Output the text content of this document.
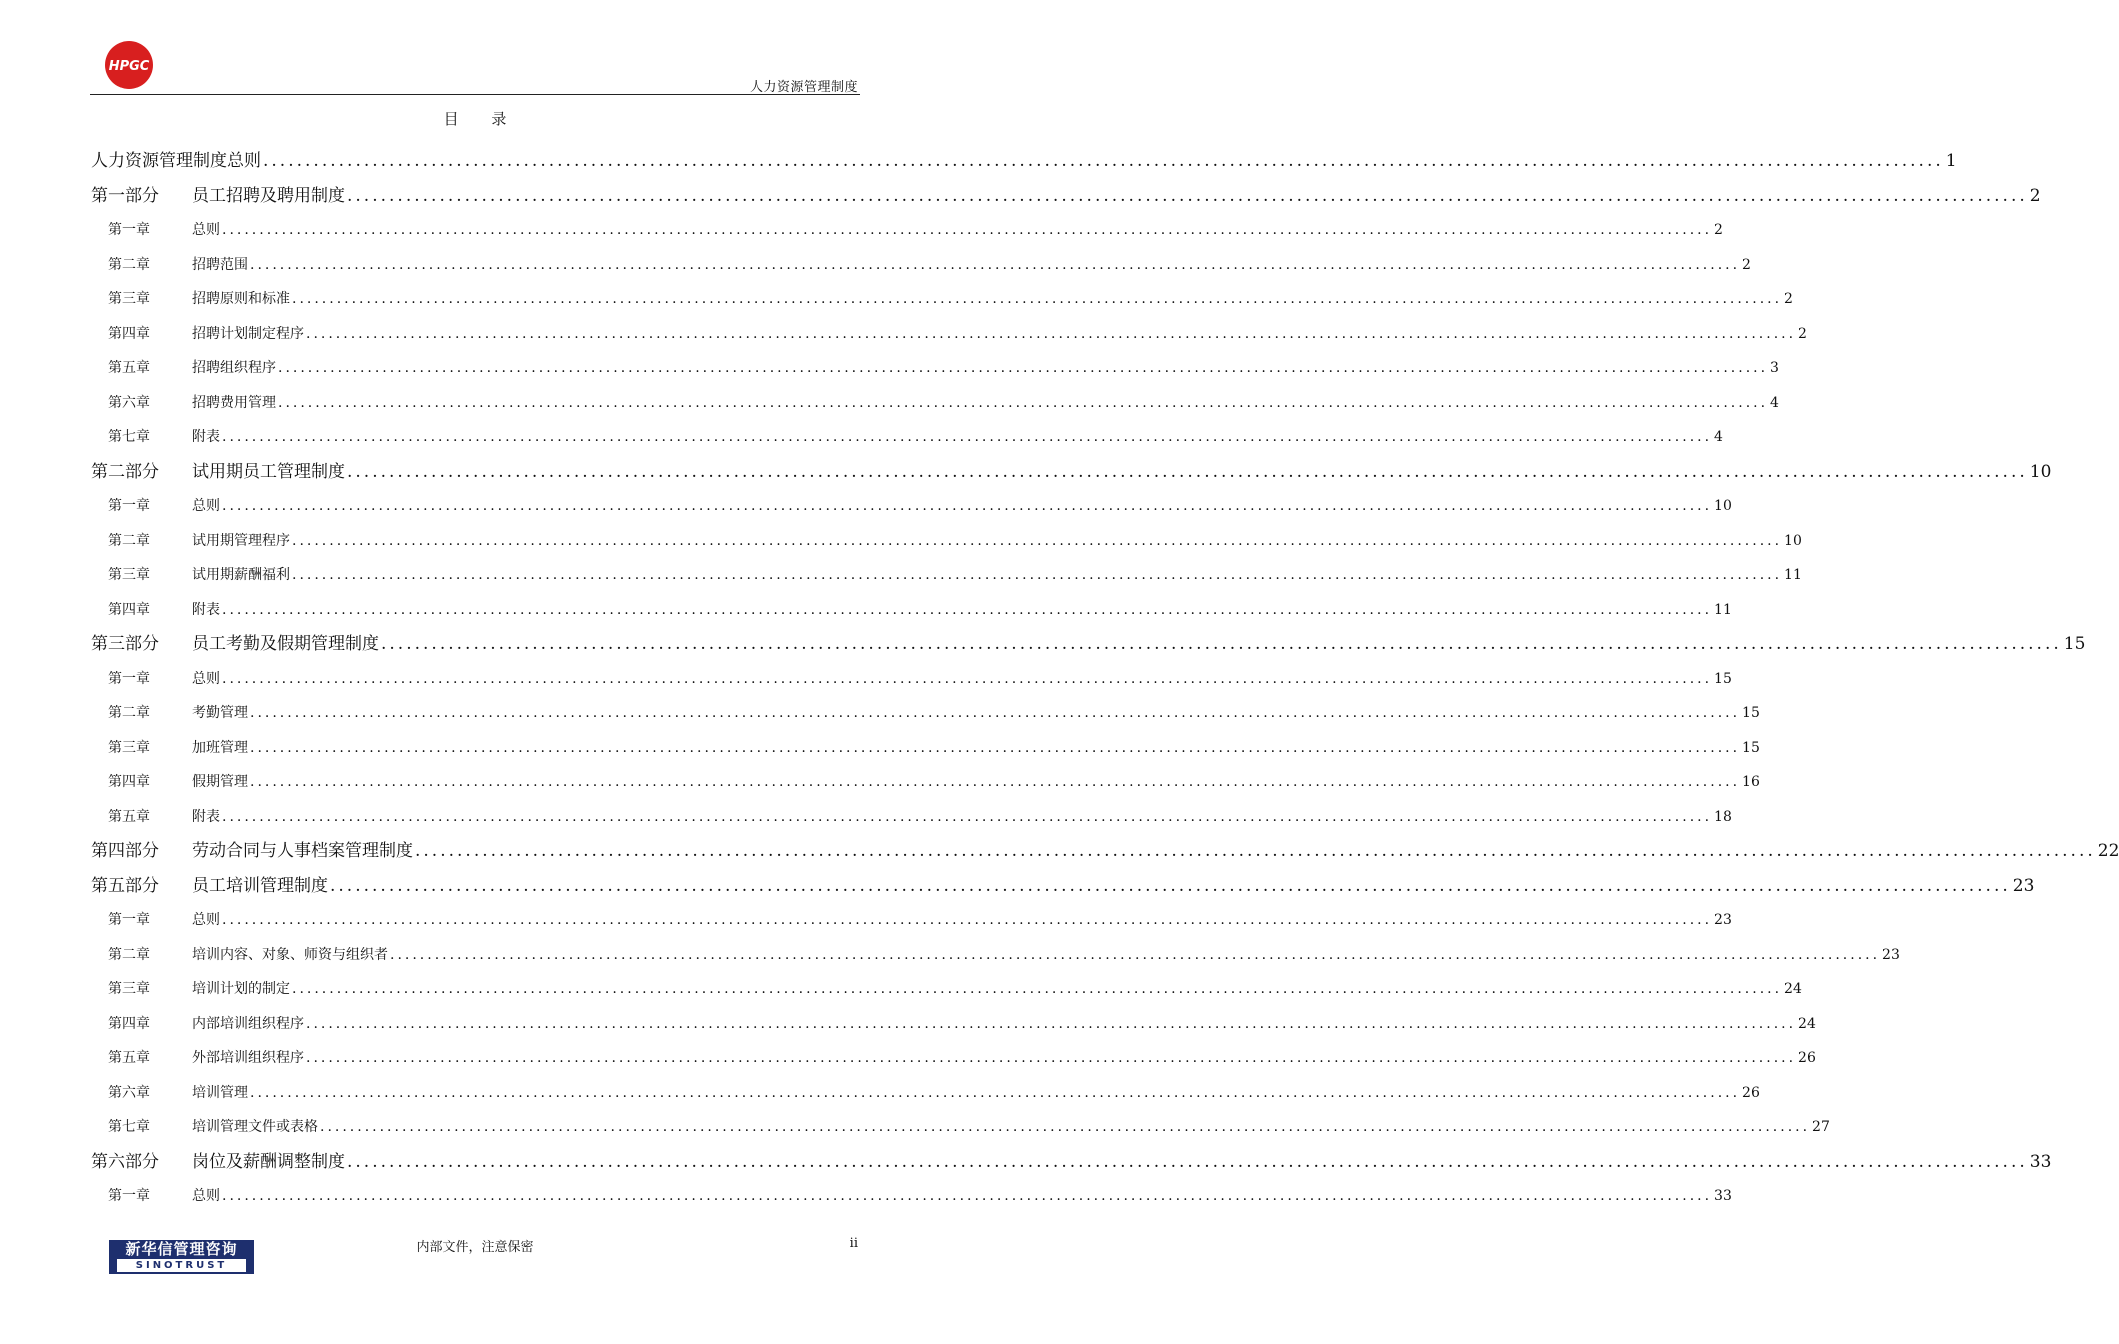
HPGC
人力资源管理制度
目 录
人力资源管理制度总则 ........................................................................................................................................................................................................ 1
第一部分	员工招聘及聘用制度 ........................................................................................................................................................................................................ 2
第一章	总则 ........................................................................................................................................................................................................ 2
第二章	招聘范围 ........................................................................................................................................................................................................ 2
第三章	招聘原则和标准 ........................................................................................................................................................................................................ 2
第四章	招聘计划制定程序 ........................................................................................................................................................................................................ 2
第五章	招聘组织程序 ........................................................................................................................................................................................................ 3
第六章	招聘费用管理 ........................................................................................................................................................................................................ 4
第七章	附表 ........................................................................................................................................................................................................ 4
第二部分	试用期员工管理制度 ........................................................................................................................................................................................................ 10
第一章	总则 ........................................................................................................................................................................................................ 10
第二章	试用期管理程序 ........................................................................................................................................................................................................ 10
第三章	试用期薪酬福利 ........................................................................................................................................................................................................ 11
第四章	附表 ........................................................................................................................................................................................................ 11
第三部分	员工考勤及假期管理制度 ........................................................................................................................................................................................................ 15
第一章	总则 ........................................................................................................................................................................................................ 15
第二章	考勤管理 ........................................................................................................................................................................................................ 15
第三章	加班管理 ........................................................................................................................................................................................................ 15
第四章	假期管理 ........................................................................................................................................................................................................ 16
第五章	附表 ........................................................................................................................................................................................................ 18
第四部分	劳动合同与人事档案管理制度 ........................................................................................................................................................................................................ 22
第五部分	员工培训管理制度 ........................................................................................................................................................................................................ 23
第一章	总则 ........................................................................................................................................................................................................ 23
第二章	培训内容、对象、师资与组织者 ........................................................................................................................................................................................................ 23
第三章	培训计划的制定 ........................................................................................................................................................................................................ 24
第四章	内部培训组织程序 ........................................................................................................................................................................................................ 24
第五章	外部培训组织程序 ........................................................................................................................................................................................................ 26
第六章	培训管理 ........................................................................................................................................................................................................ 26
第七章	培训管理文件或表格 ........................................................................................................................................................................................................ 27
第六部分	岗位及薪酬调整制度 ........................................................................................................................................................................................................ 33
第一章	总则 ........................................................................................................................................................................................................ 33
新华信管理咨询
SINOTRUST
内部文件，注意保密	ii
